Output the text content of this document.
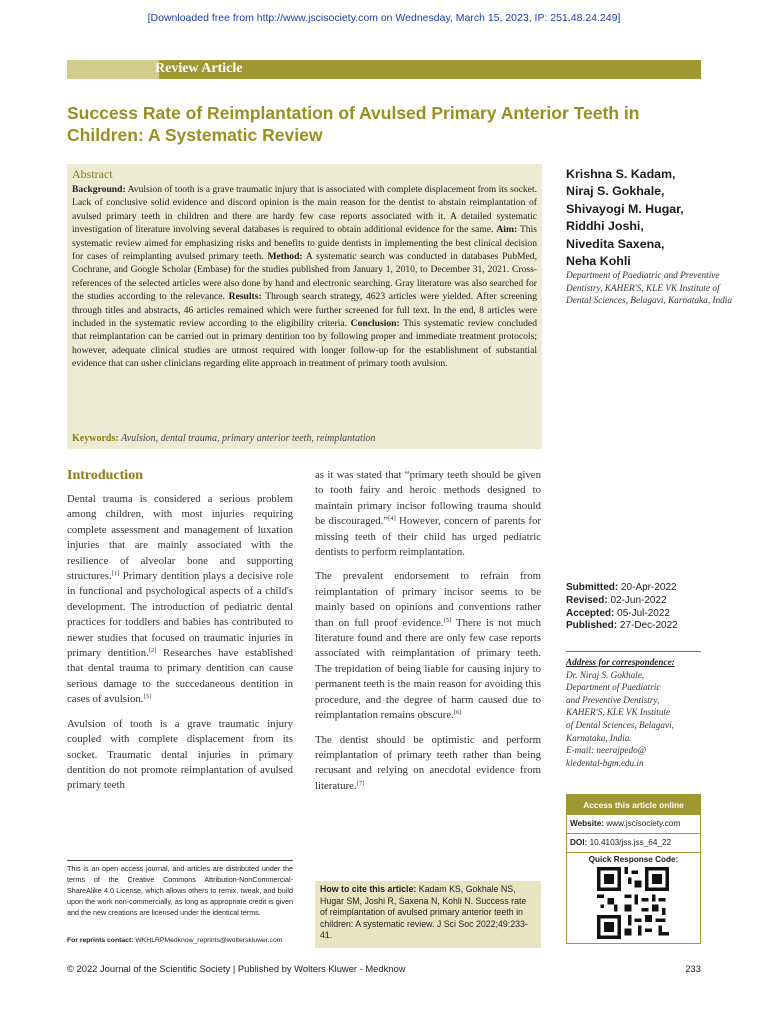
[Downloaded free from http://www.jscisociety.com on Wednesday, March 15, 2023, IP: 251.48.24.249]
Review Article
Success Rate of Reimplantation of Avulsed Primary Anterior Teeth in Children: A Systematic Review
Abstract
Background: Avulsion of tooth is a grave traumatic injury that is associated with complete displacement from its socket. Lack of conclusive solid evidence and discord opinion is the main reason for the dentist to abstain reimplantation of avulsed primary teeth in children and there are hardy few case reports associated with it. A detailed systematic investigation of literature involving several databases is required to obtain additional evidence for the same. Aim: This systematic review aimed for emphasizing risks and benefits to guide dentists in implementing the best clinical decision for cases of reimplanting avulsed primary teeth. Method: A systematic search was conducted in databases PubMed, Cochrane, and Google Scholar (Embase) for the studies published from January 1, 2010, to December 31, 2021. Cross-references of the selected articles were also done by hand and electronic searching. Gray literature was also searched for the studies according to the relevance. Results: Through search strategy, 4623 articles were yielded. After screening through titles and abstracts, 46 articles remained which were further screened for full text. In the end, 8 articles were included in the systematic review according to the eligibility criteria. Conclusion: This systematic review concluded that reimplantation can be carried out in primary dentition too by following proper and immediate treatment protocols; however, adequate clinical studies are utmost required with longer follow-up for the establishment of substantial evidence that can usher clinicians regarding elite approach in treatment of primary tooth avulsion.
Keywords: Avulsion, dental trauma, primary anterior teeth, reimplantation
Krishna S. Kadam,
Niraj S. Gokhale,
Shivayogi M. Hugar,
Riddhi Joshi,
Nivedita Saxena,
Neha Kohli
Department of Paediatric and Preventive Dentistry, KAHER'S, KLE VK Institute of Dental Sciences, Belagavi, Karnataka, India
Introduction

Dental trauma is considered a serious problem among children, with most injuries requiring complete assessment and management of luxation injuries that are mainly associated with the resilience of alveolar bone and supporting structures.[1] Primary dentition plays a decisive role in functional and psychological aspects of a child's development. The introduction of pediatric dental practices for toddlers and babies has contributed to newer studies that focused on traumatic injuries in primary dentition.[2] Researches have established that dental trauma to primary dentition can cause serious damage to the succedaneous dentition in cases of avulsion.[3]

Avulsion of tooth is a grave traumatic injury coupled with complete displacement from its socket. Traumatic dental injuries in primary dentition do not promote reimplantation of avulsed primary teeth

as it was stated that “primary teeth should be given to tooth fairy and heroic methods designed to maintain primary incisor following trauma should be discouraged.”[4] However, concern of parents for missing teeth of their child has urged pediatric dentists to perform reimplantation.

The prevalent endorsement to refrain from reimplantation of primary incisor seems to be mainly based on opinions and conventions rather than on full proof evidence.[5] There is not much literature found and there are only few case reports associated with reimplantation of primary teeth. The trepidation of being liable for causing injury to permanent teeth is the main reason for avoiding this procedure, and the degree of harm caused due to reimplantation remains obscure.[6]

The dentist should be optimistic and perform reimplantation of primary teeth rather than being recusant and relying on anecdotal evidence from literature.[7]

This is an open access journal, and articles are distributed under the terms of the Creative Commons Attribution-NonCommercial-ShareAlike 4.0 License, which allows others to remix, tweak, and build upon the work non-commercially, as long as appropriate credit is given and the new creations are licensed under the identical terms.
For reprints contact: WKHLRPMedknow_reprints@wolterskluwer.com
How to cite this article: Kadam KS, Gokhale NS, Hugar SM, Joshi R, Saxena N, Kohli N. Success rate of reimplantation of avulsed primary anterior teeth in children: A systematic review. J Sci Soc 2022;49:233-41.
Submitted: 20-Apr-2022
Revised: 02-Jun-2022
Accepted: 05-Jul-2022
Published: 27-Dec-2022
Address for correspondence:
Dr. Niraj S. Gokhale,
Department of Paediatric
and Preventive Dentistry,
KAHER'S, KLE VK Institute
of Dental Sciences, Belagavi,
Karnataka, India.
E-mail: neerajpedo@
kledental-bgm.edu.in
Access this article online
Website: www.jscisociety.com
DOI: 10.4103/jss.jss_64_22
Quick Response Code:
© 2022 Journal of the Scientific Society | Published by Wolters Kluwer - Medknow	233
